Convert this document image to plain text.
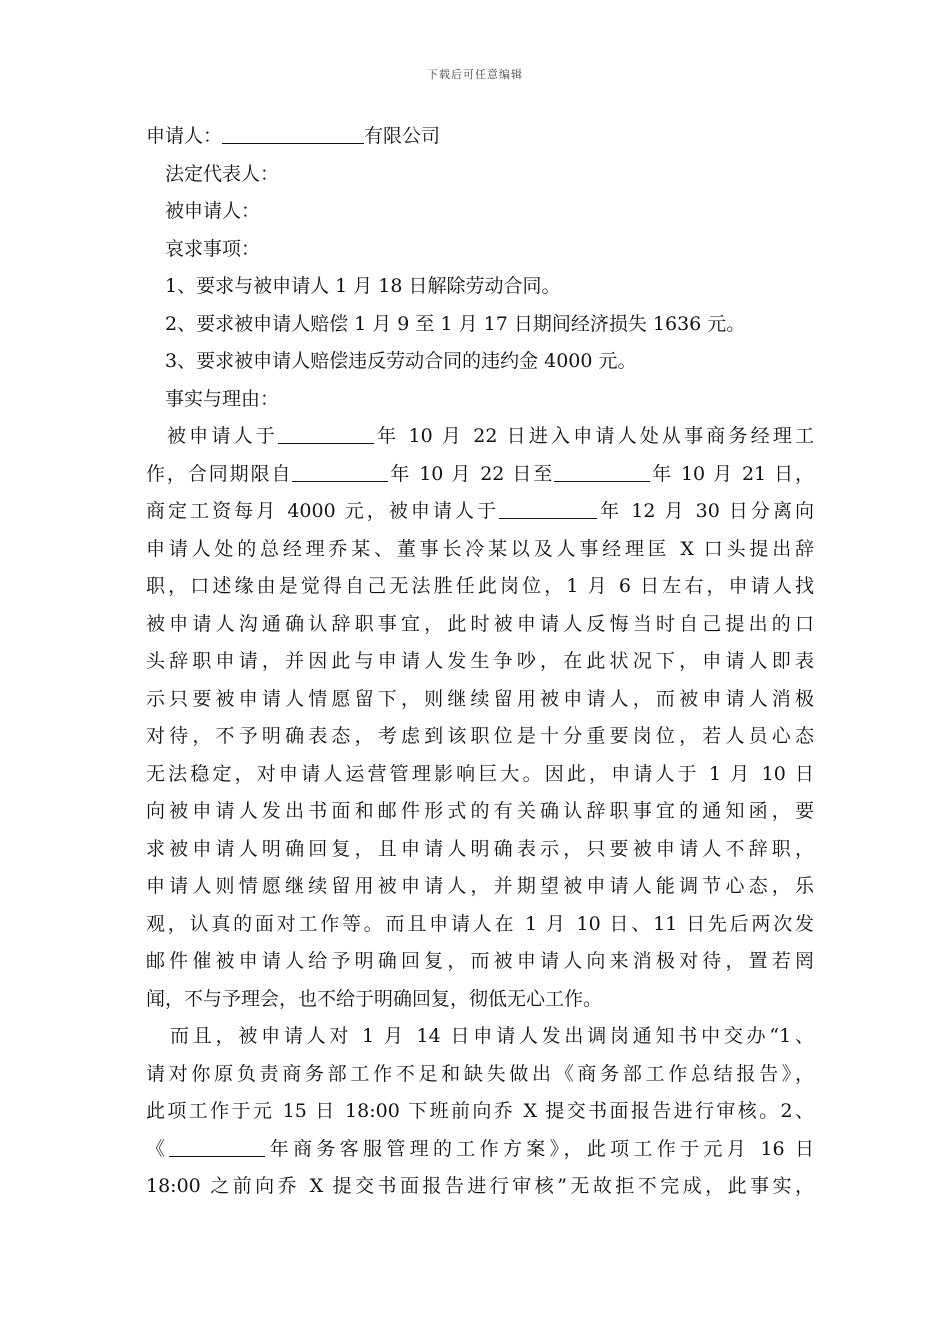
下载后可任意编辑
申请人：	有限公司
法定代表人：
被申请人：
哀求事项：
1、要求与被申请人 1 月 18 日解除劳动合同。
2、要求被申请人赔偿 1 月 9 至 1 月 17 日期间经济损失 1636 元。
3、要求被申请人赔偿违反劳动合同的违约金 4000 元。
事实与理由：
被申请人于	年 10 月 22 日进入申请人处从事商务经理工
作，合同期限自	年 10 月 22 日至	年 10 月 21 日，
商定工资每月 4000 元，被申请人于	年 12 月 30 日分离向
申请人处的总经理乔某、董事长冷某以及人事经理匡 X 口头提出辞
职，口述缘由是觉得自己无法胜任此岗位，1 月 6 日左右，申请人找
被申请人沟通确认辞职事宜，此时被申请人反悔当时自己提出的口
头辞职申请，并因此与申请人发生争吵，在此状况下，申请人即表
示只要被申请人情愿留下，则继续留用被申请人，而被申请人消极
对待，不予明确表态，考虑到该职位是十分重要岗位，若人员心态
无法稳定，对申请人运营管理影响巨大。因此，申请人于 1 月 10 日
向被申请人发出书面和邮件形式的有关确认辞职事宜的通知函，要
求被申请人明确回复，且申请人明确表示，只要被申请人不辞职，
申请人则情愿继续留用被申请人，并期望被申请人能调节心态，乐
观，认真的面对工作等。而且申请人在 1 月 10 日、11 日先后两次发
邮件催被申请人给予明确回复，而被申请人向来消极对待，置若罔
闻，不与予理会，也不给于明确回复，彻低无心工作。
而且，被申请人对 1 月 14 日申请人发出调岗通知书中交办“1、
请对你原负责商务部工作不足和缺失做出《商务部工作总结报告》，
此项工作于元 15 日 18:00 下班前向乔 X 提交书面报告进行审核。2、
《	年商务客服管理的工作方案》，此项工作于元月 16 日
18:00 之前向乔 X 提交书面报告进行审核”无故拒不完成，此事实，
